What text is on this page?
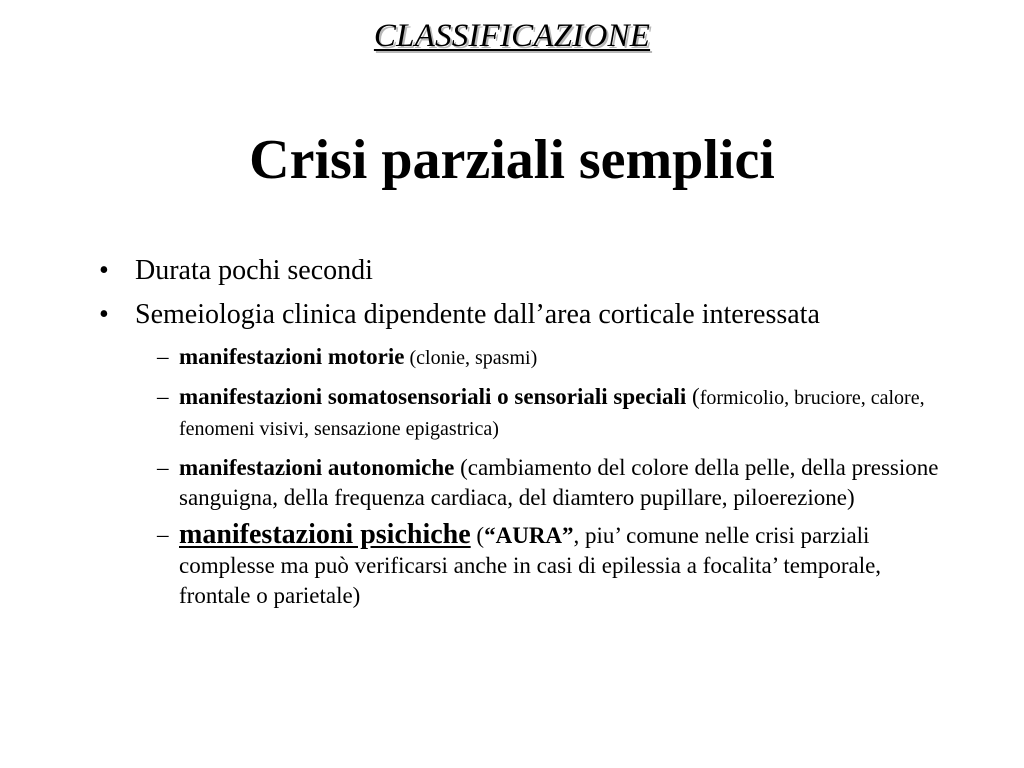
CLASSIFICAZIONE
Crisi parziali semplici
• Durata pochi secondi
• Semeiologia clinica dipendente dall’area corticale interessata
– manifestazioni motorie (clonie, spasmi)
– manifestazioni somatosensoriali o sensoriali speciali (formicolio, bruciore, calore, fenomeni visivi, sensazione epigastrica)
– manifestazioni autonomiche (cambiamento del colore della pelle, della pressione sanguigna, della frequenza cardiaca, del diamtero pupillare, piloerezione)
– manifestazioni psichiche (“AURA”, piu’ comune nelle crisi parziali complesse ma può verificarsi anche in casi di epilessia a focalita’ temporale, frontale o parietale)
